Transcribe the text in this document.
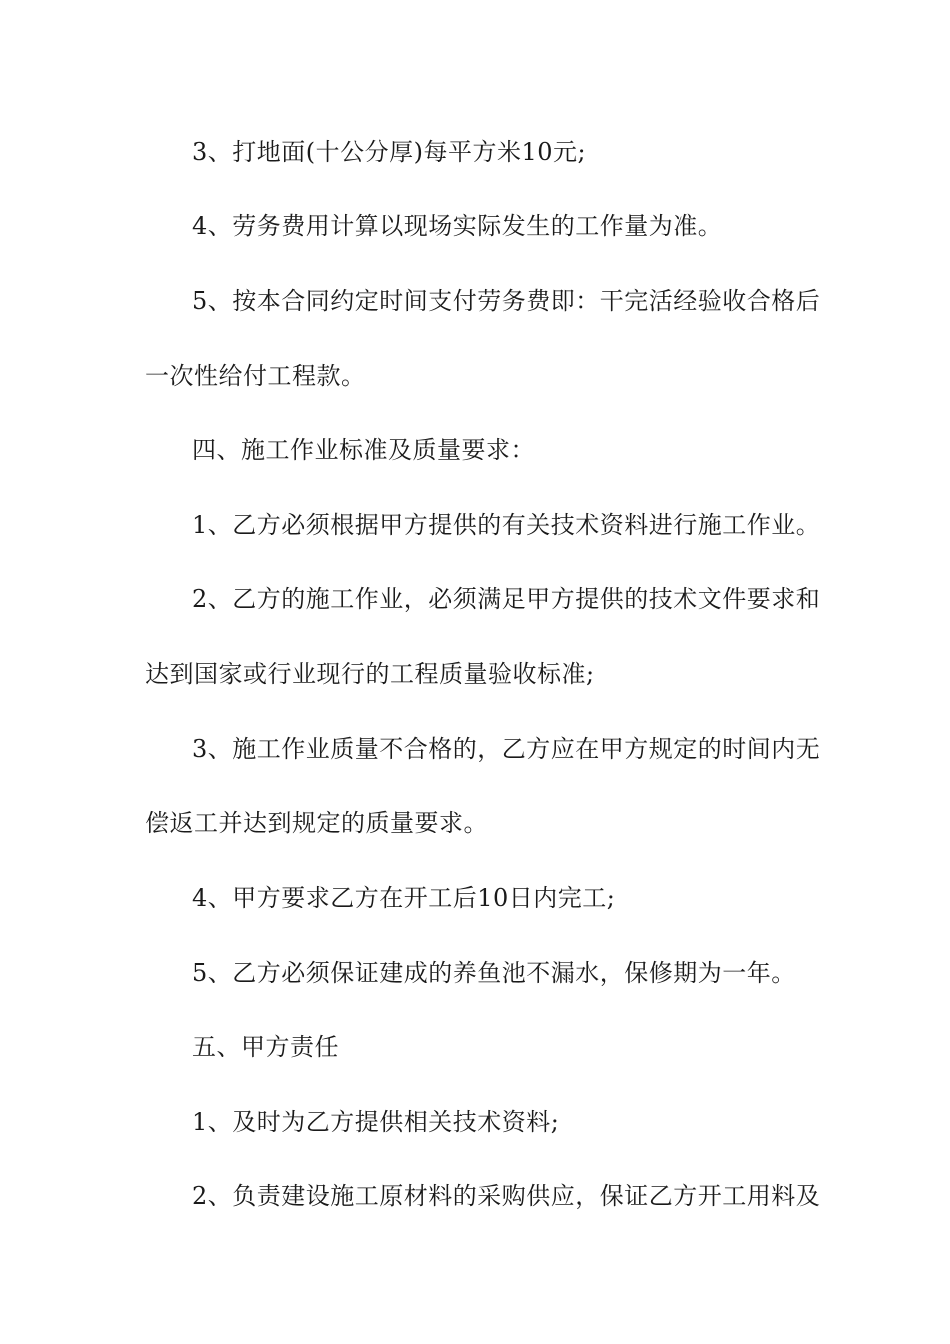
3、打地面(十公分厚)每平方米10元;
4、劳务费用计算以现场实际发生的工作量为准。
5、按本合同约定时间支付劳务费即：干完活经验收合格后
一次性给付工程款。
四、施工作业标准及质量要求：
1、乙方必须根据甲方提供的有关技术资料进行施工作业。
2、乙方的施工作业，必须满足甲方提供的技术文件要求和
达到国家或行业现行的工程质量验收标准;
3、施工作业质量不合格的，乙方应在甲方规定的时间内无
偿返工并达到规定的质量要求。
4、甲方要求乙方在开工后10日内完工;
5、乙方必须保证建成的养鱼池不漏水，保修期为一年。
五、甲方责任
1、及时为乙方提供相关技术资料;
2、负责建设施工原材料的采购供应，保证乙方开工用料及
